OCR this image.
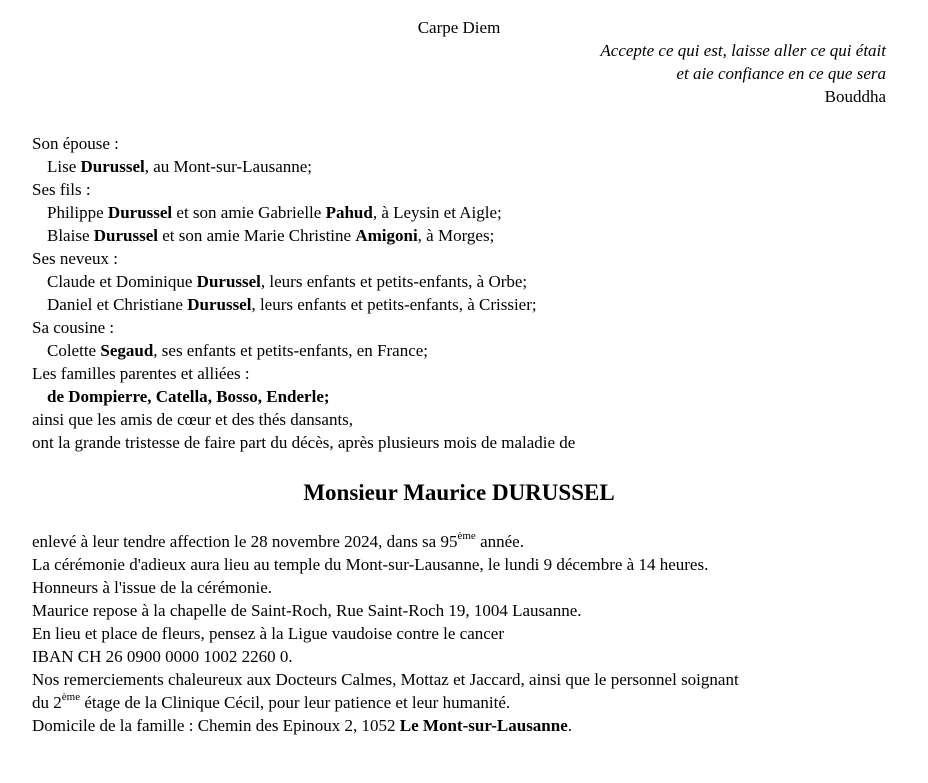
Carpe Diem
Accepte ce qui est, laisse aller ce qui était
et aie confiance en ce que sera
Bouddha
Son épouse :
Lise Durussel, au Mont-sur-Lausanne;
Ses fils :
Philippe Durussel et son amie Gabrielle Pahud, à Leysin et Aigle;
Blaise Durussel et son amie Marie Christine Amigoni, à Morges;
Ses neveux :
Claude et Dominique Durussel, leurs enfants et petits-enfants, à Orbe;
Daniel et Christiane Durussel, leurs enfants et petits-enfants, à Crissier;
Sa cousine :
Colette Segaud, ses enfants et petits-enfants, en France;
Les familles parentes et alliées :
de Dompierre, Catella, Bosso, Enderle;
ainsi que les amis de cœur et des thés dansants,
ont la grande tristesse de faire part du décès, après plusieurs mois de maladie de
Monsieur Maurice DURUSSEL
enlevé à leur tendre affection le 28 novembre 2024, dans sa 95ème année.
La cérémonie d'adieux aura lieu au temple du Mont-sur-Lausanne, le lundi 9 décembre à 14 heures.
Honneurs à l'issue de la cérémonie.
Maurice repose à la chapelle de Saint-Roch, Rue Saint-Roch 19, 1004 Lausanne.
En lieu et place de fleurs, pensez à la Ligue vaudoise contre le cancer
IBAN CH 26 0900 0000 1002 2260 0.
Nos remerciements chaleureux aux Docteurs Calmes, Mottaz et Jaccard, ainsi que le personnel soignant
du 2ème étage de la Clinique Cécil, pour leur patience et leur humanité.
Domicile de la famille : Chemin des Epinoux 2, 1052 Le Mont-sur-Lausanne.
